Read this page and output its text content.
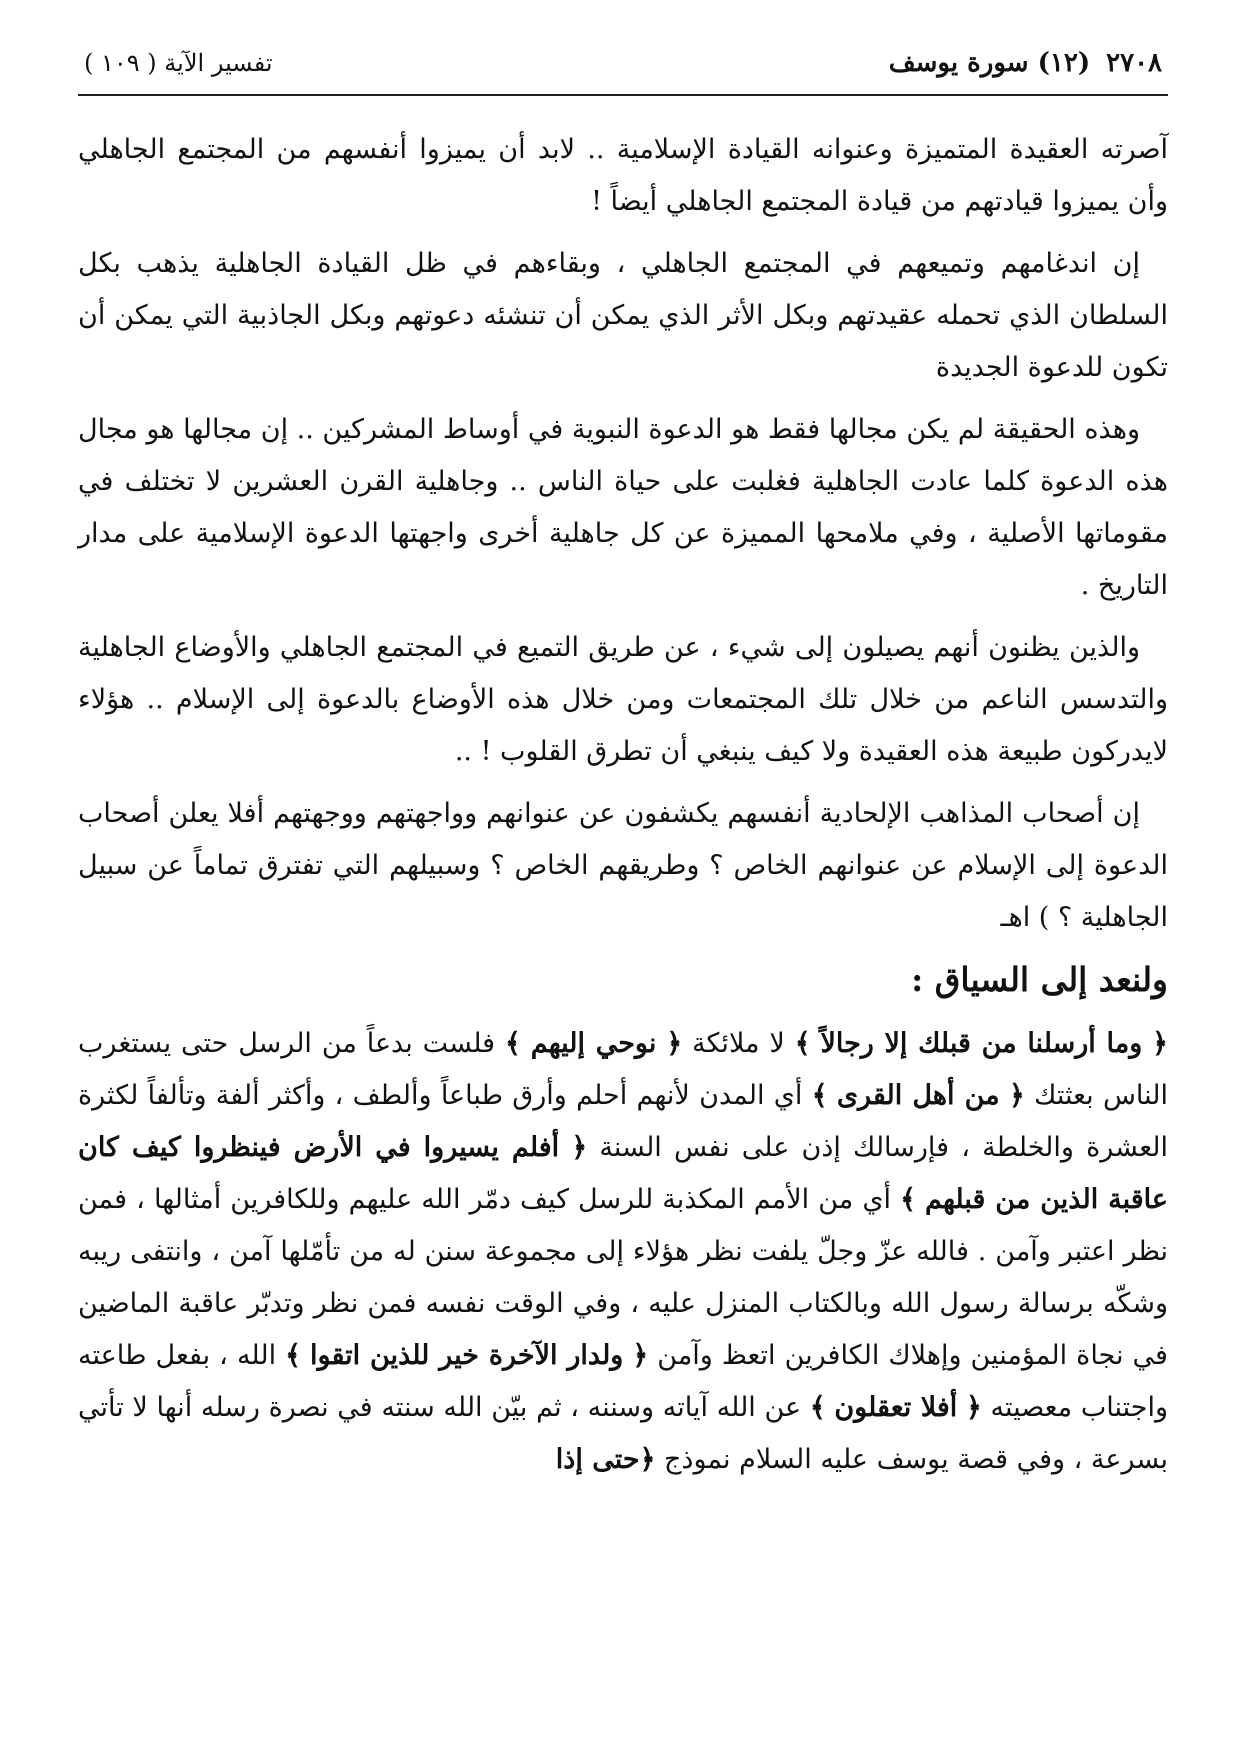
٢٧٠٨
(١٢) سورة يوسف
تفسير الآية ( ١٠٩ )

آصرته العقيدة المتميزة وعنوانه القيادة الإسلامية .. لابد أن يميزوا أنفسهم من المجتمع الجاهلي وأن يميزوا قيادتهم من قيادة المجتمع الجاهلي أيضاً !

إن اندغامهم وتميعهم في المجتمع الجاهلي ، وبقاءهم في ظل القيادة الجاهلية يذهب بكل السلطان الذي تحمله عقيدتهم وبكل الأثر الذي يمكن أن تنشئه دعوتهم وبكل الجاذبية التي يمكن أن تكون للدعوة الجديدة

وهذه الحقيقة لم يكن مجالها فقط هو الدعوة النبوية في أوساط المشركين .. إن مجالها هو مجال هذه الدعوة كلما عادت الجاهلية فغلبت على حياة الناس .. وجاهلية القرن العشرين لا تختلف في مقوماتها الأصلية ، وفي ملامحها المميزة عن كل جاهلية أخرى واجهتها الدعوة الإسلامية على مدار التاريخ .

والذين يظنون أنهم يصيلون إلى شيء ، عن طريق التميع في المجتمع الجاهلي والأوضاع الجاهلية والتدسس الناعم من خلال تلك المجتمعات ومن خلال هذه الأوضاع بالدعوة إلى الإسلام .. هؤلاء لايدركون طبيعة هذه العقيدة ولا كيف ينبغي أن تطرق القلوب ! ..

إن أصحاب المذاهب الإلحادية أنفسهم يكشفون عن عنوانهم وواجهتهم ووجهتهم أفلا يعلن أصحاب الدعوة إلى الإسلام عن عنوانهم الخاص ؟ وطريقهم الخاص ؟ وسبيلهم التي تفترق تماماً عن سبيل الجاهلية ؟ ) اهـ

ولنعد إلى السياق :

﴿ وما أرسلنا من قبلك إلا رجالاً ﴾ لا ملائكة ﴿ نوحي إليهم ﴾ فلست بدعاً من الرسل حتى يستغرب الناس بعثتك ﴿ من أهل القرى ﴾ أي المدن لأنهم أحلم وأرق طباعاً وألطف ، وأكثر ألفة وتألفاً لكثرة العشرة والخلطة ، فإرسالك إذن على نفس السنة ﴿ أفلم يسيروا في الأرض فينظروا كيف كان عاقبة الذين من قبلهم ﴾ أي من الأمم المكذبة للرسل كيف دمّر الله عليهم وللكافرين أمثالها ، فمن نظر اعتبر وآمن . فالله عزّ وجلّ يلفت نظر هؤلاء إلى مجموعة سنن له من تأمّلها آمن ، وانتفى ريبه وشكّه برسالة رسول الله وبالكتاب المنزل عليه ، وفي الوقت نفسه فمن نظر وتدبّر عاقبة الماضين في نجاة المؤمنين وإهلاك الكافرين اتعظ وآمن ﴿ ولدار الآخرة خير للذين اتقوا ﴾ الله ، بفعل طاعته واجتناب معصيته ﴿ أفلا تعقلون ﴾ عن الله آياته وسننه ، ثم بيّن الله سنته في نصرة رسله أنها لا تأتي بسرعة ، وفي قصة يوسف عليه السلام نموذج ﴿حتى إذا
